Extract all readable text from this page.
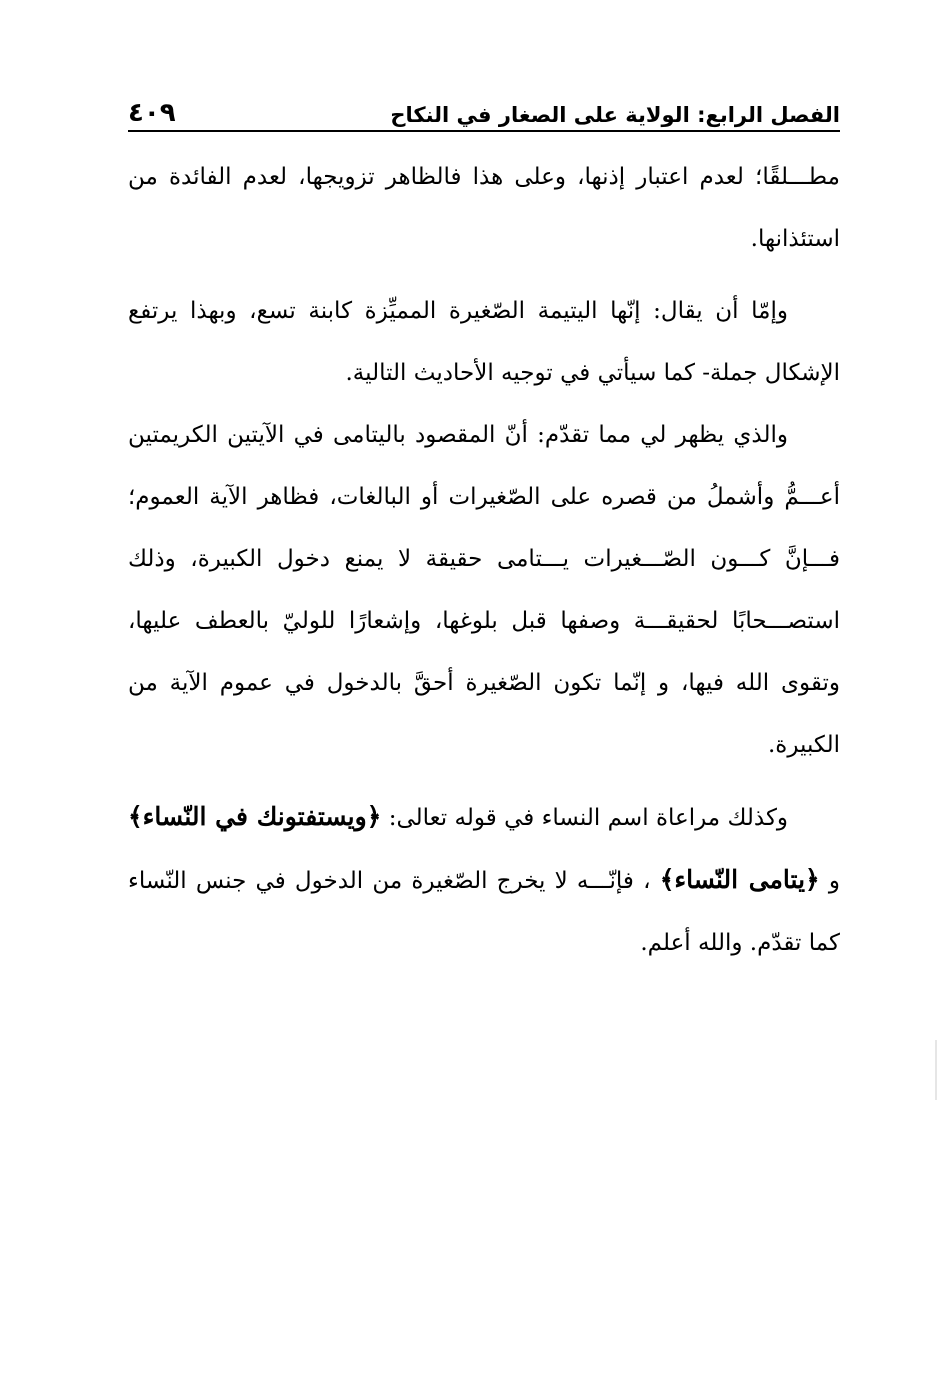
الفصل الرابع: الولاية على الصغار في النكاح
٤٠٩

مطـــلقًا؛ لعدم اعتبار إذنها، وعلى هذا فالظاهر تزويجها، لعدم الفائدة من استئذانها.

وإمّا أن يقال: إنّها اليتيمة الصّغيرة المميِّزة كابنة تسع، وبهذا يرتفع الإشكال جملة- كما سيأتي في توجيه الأحاديث التالية.

والذي يظهر لي مما تقدّم: أنّ المقصود باليتامى في الآيتين الكريمتين أعـــمُّ وأشملُ من قصره على الصّغيرات أو البالغات، فظاهر الآية العموم؛ فـــإنَّ كـــون الصّـــغيرات يـــتامى حقيقة لا يمنع دخول الكبيرة، وذلك استصـــحابًا لحقيقـــة وصفها قبل بلوغها، وإشعارًا للوليّ بالعطف عليها، وتقوى الله فيها، و إنّما تكون الصّغيرة أحقَّ بالدخول في عموم الآية من الكبيرة.

وكذلك مراعاة اسم النساء في قوله تعالى: ﴿ويستفتونك في النّساء﴾ و ﴿يتامى النّساء﴾ ، فإنّـــه لا يخرج الصّغيرة من الدخول في جنس النّساء كما تقدّم. والله أعلم.
